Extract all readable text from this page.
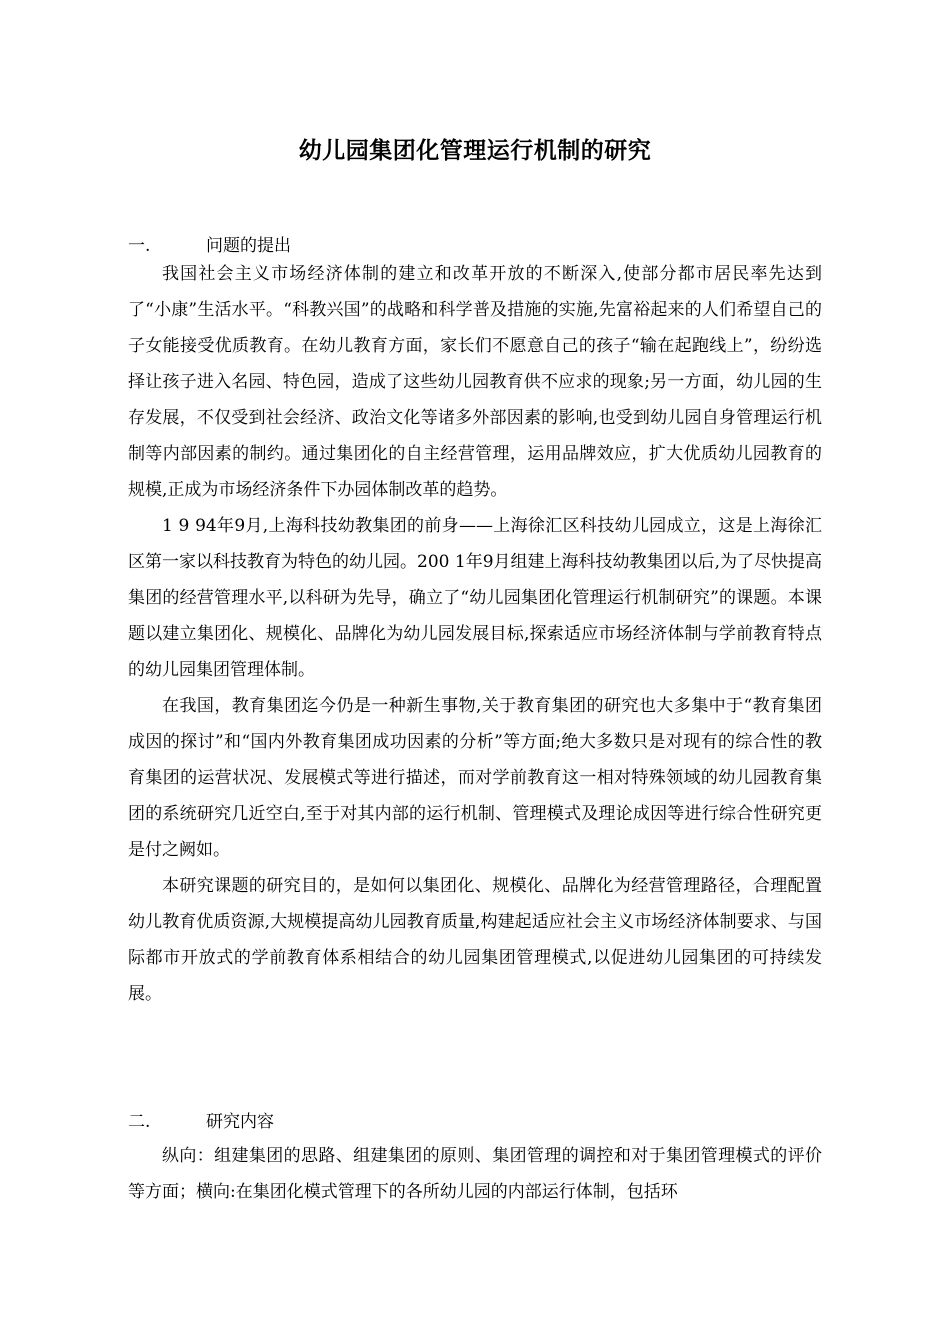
幼儿园集团化管理运行机制的研究
一.	问题的提出

我国社会主义市场经济体制的建立和改革开放的不断深入,使部分都市居民率先达到了“小康”生活水平。“科教兴国”的战略和科学普及措施的实施,先富裕起来的人们希望自己的子女能接受优质教育。在幼儿教育方面，家长们不愿意自己的孩子“输在起跑线上”，纷纷选择让孩子进入名园、特色园，造成了这些幼儿园教育供不应求的现象;另一方面，幼儿园的生存发展，不仅受到社会经济、政治文化等诸多外部因素的影响,也受到幼儿园自身管理运行机制等内部因素的制约。通过集团化的自主经营管理，运用品牌效应，扩大优质幼儿园教育的规模,正成为市场经济条件下办园体制改革的趋势。

1 9 94年9月,上海科技幼教集团的前身——上海徐汇区科技幼儿园成立，这是上海徐汇区第一家以科技教育为特色的幼儿园。200 1年9月组建上海科技幼教集团以后,为了尽快提高集团的经营管理水平,以科研为先导，确立了“幼儿园集团化管理运行机制研究”的课题。本课题以建立集团化、规模化、品牌化为幼儿园发展目标,探索适应市场经济体制与学前教育特点的幼儿园集团管理体制。

在我国，教育集团迄今仍是一种新生事物,关于教育集团的研究也大多集中于“教育集团成因的探讨”和“国内外教育集团成功因素的分析”等方面;绝大多数只是对现有的综合性的教育集团的运营状况、发展模式等进行描述，而对学前教育这一相对特殊领域的幼儿园教育集团的系统研究几近空白,至于对其内部的运行机制、管理模式及理论成因等进行综合性研究更是付之阙如。

本研究课题的研究目的，是如何以集团化、规模化、品牌化为经营管理路径，合理配置幼儿教育优质资源,大规模提高幼儿园教育质量,构建起适应社会主义市场经济体制要求、与国际都市开放式的学前教育体系相结合的幼儿园集团管理模式,以促进幼儿园集团的可持续发展。

二.	研究内容

纵向：组建集团的思路、组建集团的原则、集团管理的调控和对于集团管理模式的评价等方面；横向:在集团化模式管理下的各所幼儿园的内部运行体制，包括环
